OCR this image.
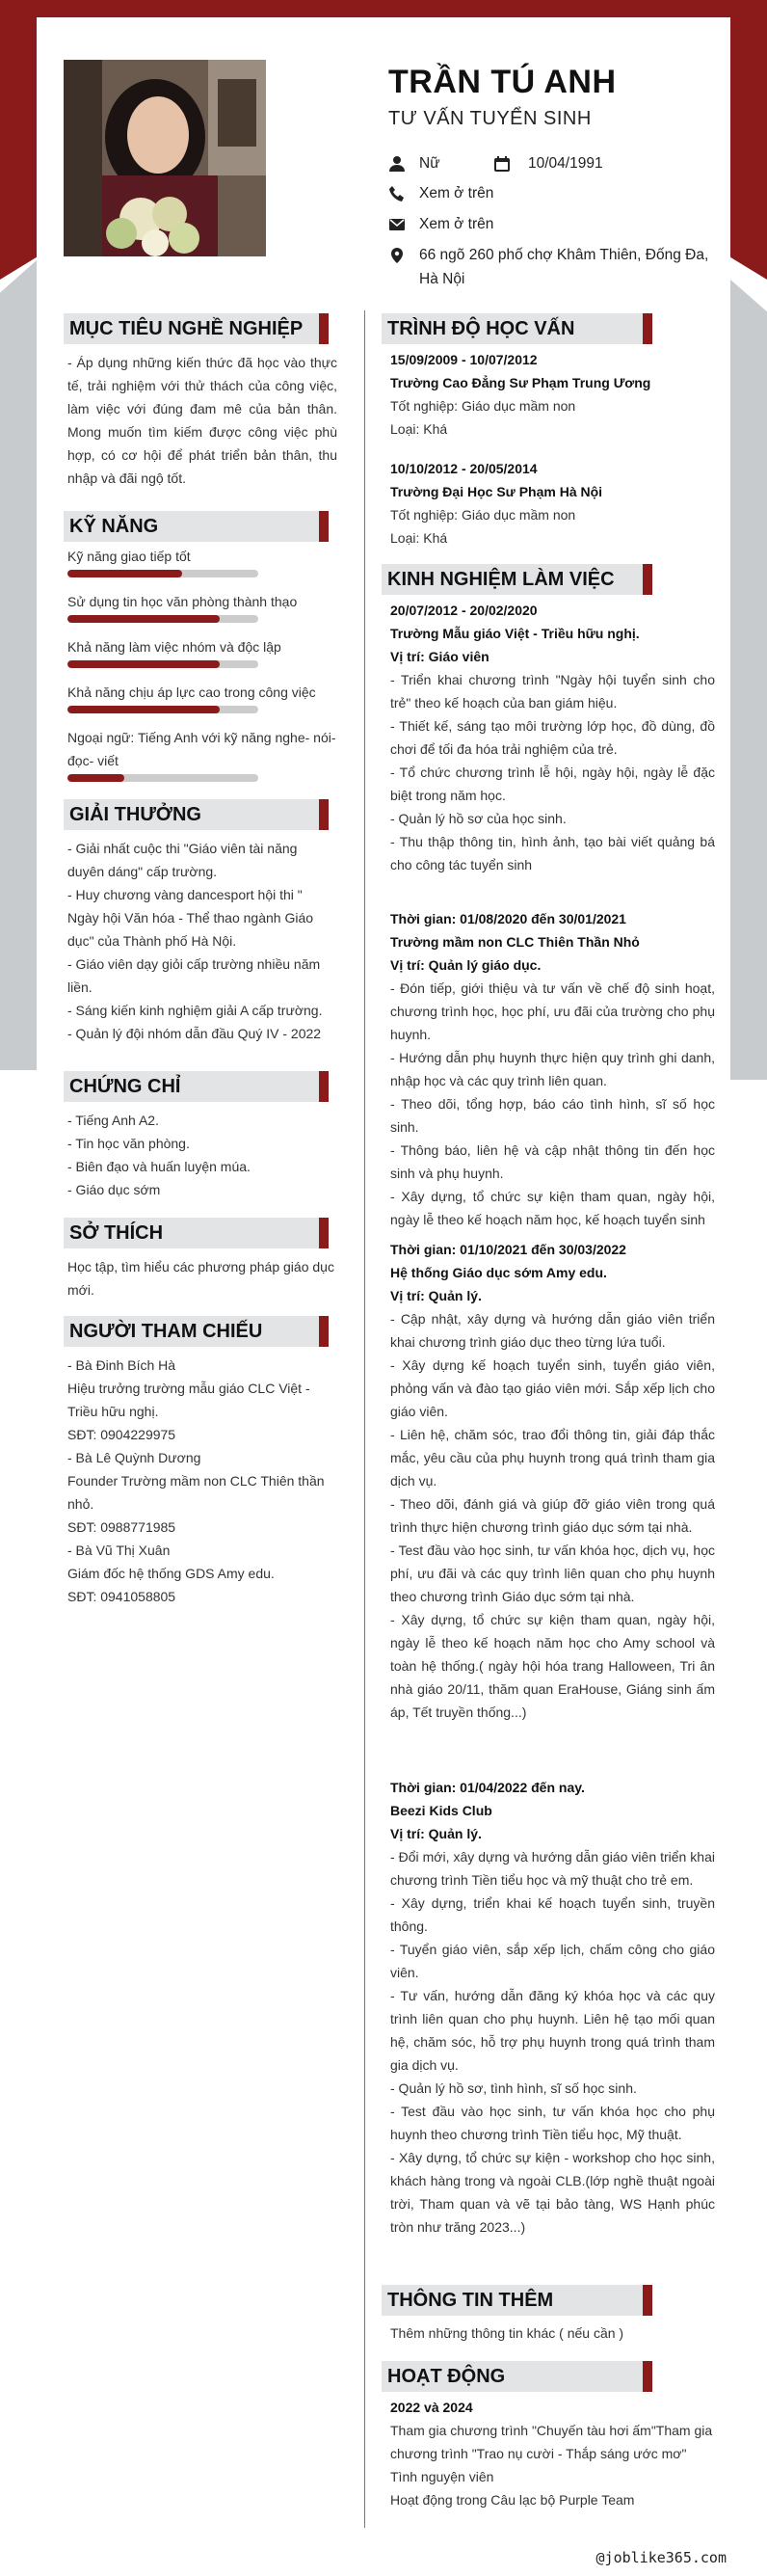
TRẦN TÚ ANH
TƯ VẤN TUYỂN SINH
Nữ	10/04/1991
Xem ở trên
Xem ở trên
66 ngõ 260 phố chợ Khâm Thiên, Đống Đa, Hà Nội
MỤC TIÊU NGHỀ NGHIỆP
- Áp dụng những kiến thức đã học vào thực tế, trải nghiệm với thử thách của công việc, làm việc với đúng đam mê của bản thân. Mong muốn tìm kiếm được công việc phù hợp, có cơ hội để phát triển bản thân, thu nhập và đãi ngộ tốt.
KỸ NĂNG
Kỹ năng giao tiếp tốt
Sử dụng tin học văn phòng thành thạo
Khả năng làm việc nhóm và độc lập
Khả năng chịu áp lực cao trong công việc
Ngoại ngữ: Tiếng Anh với kỹ năng nghe- nói- đọc- viết
GIẢI THƯỞNG
- Giải nhất cuộc thi "Giáo viên tài năng duyên dáng" cấp trường.
- Huy chương vàng dancesport hội thi " Ngày hội Văn hóa - Thể thao ngành Giáo dục" của Thành phố Hà Nội.
- Giáo viên dạy giỏi cấp trường nhiều năm liền.
- Sáng kiến kinh nghiệm giải A cấp trường.
- Quản lý đội nhóm dẫn đầu Quý IV - 2022
CHỨNG CHỈ
- Tiếng Anh A2.
- Tin học văn phòng.
- Biên đạo và huấn luyện múa.
- Giáo dục sớm
SỞ THÍCH
Học tập, tìm hiểu các phương pháp giáo dục mới.
NGƯỜI THAM CHIẾU
- Bà Đinh Bích Hà
Hiệu trưởng trường mẫu giáo CLC Việt - Triều hữu nghị.
SĐT: 0904229975
- Bà Lê Quỳnh Dương
Founder Trường mầm non CLC Thiên thần nhỏ.
SĐT: 0988771985
- Bà Vũ Thị Xuân
Giám đốc hệ thống GDS Amy edu.
SĐT: 0941058805
TRÌNH ĐỘ HỌC VẤN
15/09/2009 - 10/07/2012
Trường Cao Đẳng Sư Phạm Trung Ương
Tốt nghiệp: Giáo dục mầm non
Loại: Khá
10/10/2012 - 20/05/2014
Trường Đại Học Sư Phạm Hà Nội
Tốt nghiệp: Giáo dục mầm non
Loại: Khá
KINH NGHIỆM LÀM VIỆC
20/07/2012 - 20/02/2020
Trường Mẫu giáo Việt - Triều hữu nghị.
Vị trí: Giáo viên
- Triển khai chương trình "Ngày hội tuyển sinh cho trẻ" theo kế hoạch của ban giám hiệu.
- Thiết kế, sáng tạo môi trường lớp học, đồ dùng, đồ chơi để tối đa hóa trải nghiệm của trẻ.
- Tổ chức chương trình lễ hội, ngày hội, ngày lễ đặc biệt trong năm học.
- Quản lý hồ sơ của học sinh.
- Thu thập thông tin, hình ảnh, tạo bài viết quảng bá cho công tác tuyển sinh
Thời gian: 01/08/2020 đến 30/01/2021
Trường mầm non CLC Thiên Thần Nhỏ
Vị trí: Quản lý giáo dục.
- Đón tiếp, giới thiệu và tư vấn về chế độ sinh hoạt, chương trình học, học phí, ưu đãi của trường cho phụ huynh.
- Hướng dẫn phụ huynh thực hiện quy trình ghi danh, nhập học và các quy trình liên quan.
- Theo dõi, tổng hợp, báo cáo tình hình, sĩ số học sinh.
- Thông báo, liên hệ và cập nhật thông tin đến học sinh và phụ huynh.
- Xây dựng, tổ chức sự kiện tham quan, ngày hội, ngày lễ theo kế hoạch năm học, kế hoạch tuyển sinh
Thời gian: 01/10/2021 đến 30/03/2022
Hệ thống Giáo dục sớm Amy edu.
Vị trí: Quản lý.
- Cập nhật, xây dựng và hướng dẫn giáo viên triển khai chương trình giáo dục theo từng lứa tuổi.
- Xây dựng kế hoạch tuyển sinh, tuyển giáo viên, phỏng vấn và đào tạo giáo viên mới. Sắp xếp lịch cho giáo viên.
- Liên hệ, chăm sóc, trao đổi thông tin, giải đáp thắc mắc, yêu cầu của phụ huynh trong quá trình tham gia dịch vụ.
- Theo dõi, đánh giá và giúp đỡ giáo viên trong quá trình thực hiện chương trình giáo dục sớm tại nhà.
- Test đầu vào học sinh, tư vấn khóa học, dịch vụ, học phí, ưu đãi và các quy trình liên quan cho phụ huynh theo chương trình Giáo dục sớm tại nhà.
- Xây dựng, tổ chức sự kiện tham quan, ngày hội, ngày lễ theo kế hoạch năm học cho Amy school và toàn hệ thống.( ngày hội hóa trang Halloween, Tri ân nhà giáo 20/11, thăm quan EraHouse, Giáng sinh ấm áp, Tết truyền thống...)
Thời gian: 01/04/2022 đến nay.
Beezi Kids Club
Vị trí: Quản lý.
- Đổi mới, xây dựng và hướng dẫn giáo viên triển khai chương trình Tiền tiểu học và mỹ thuật cho trẻ em.
- Xây dựng, triển khai kế hoạch tuyển sinh, truyền thông.
- Tuyển giáo viên, sắp xếp lịch, chấm công cho giáo viên.
- Tư vấn, hướng dẫn đăng ký khóa học và các quy trình liên quan cho phụ huynh. Liên hệ tạo mối quan hệ, chăm sóc, hỗ trợ phụ huynh trong quá trình tham gia dịch vụ.
- Quản lý hồ sơ, tình hình, sĩ số học sinh.
- Test đầu vào học sinh, tư vấn khóa học cho phụ huynh theo chương trình Tiền tiểu học, Mỹ thuật.
- Xây dựng, tổ chức sự kiện - workshop cho học sinh, khách hàng trong và ngoài CLB.(lớp nghề thuật ngoài trời, Tham quan và vẽ tại bảo tàng, WS Hạnh phúc tròn như trăng 2023...)
THÔNG TIN THÊM
Thêm những thông tin khác ( nếu cần )
HOẠT ĐỘNG
2022 và 2024
Tham gia chương trình "Chuyến tàu hơi ấm"Tham gia chương trình "Trao nụ cười - Thắp sáng ước mơ"
Tình nguyện viên
Hoạt động trong Câu lạc bộ Purple Team
@joblike365.com
